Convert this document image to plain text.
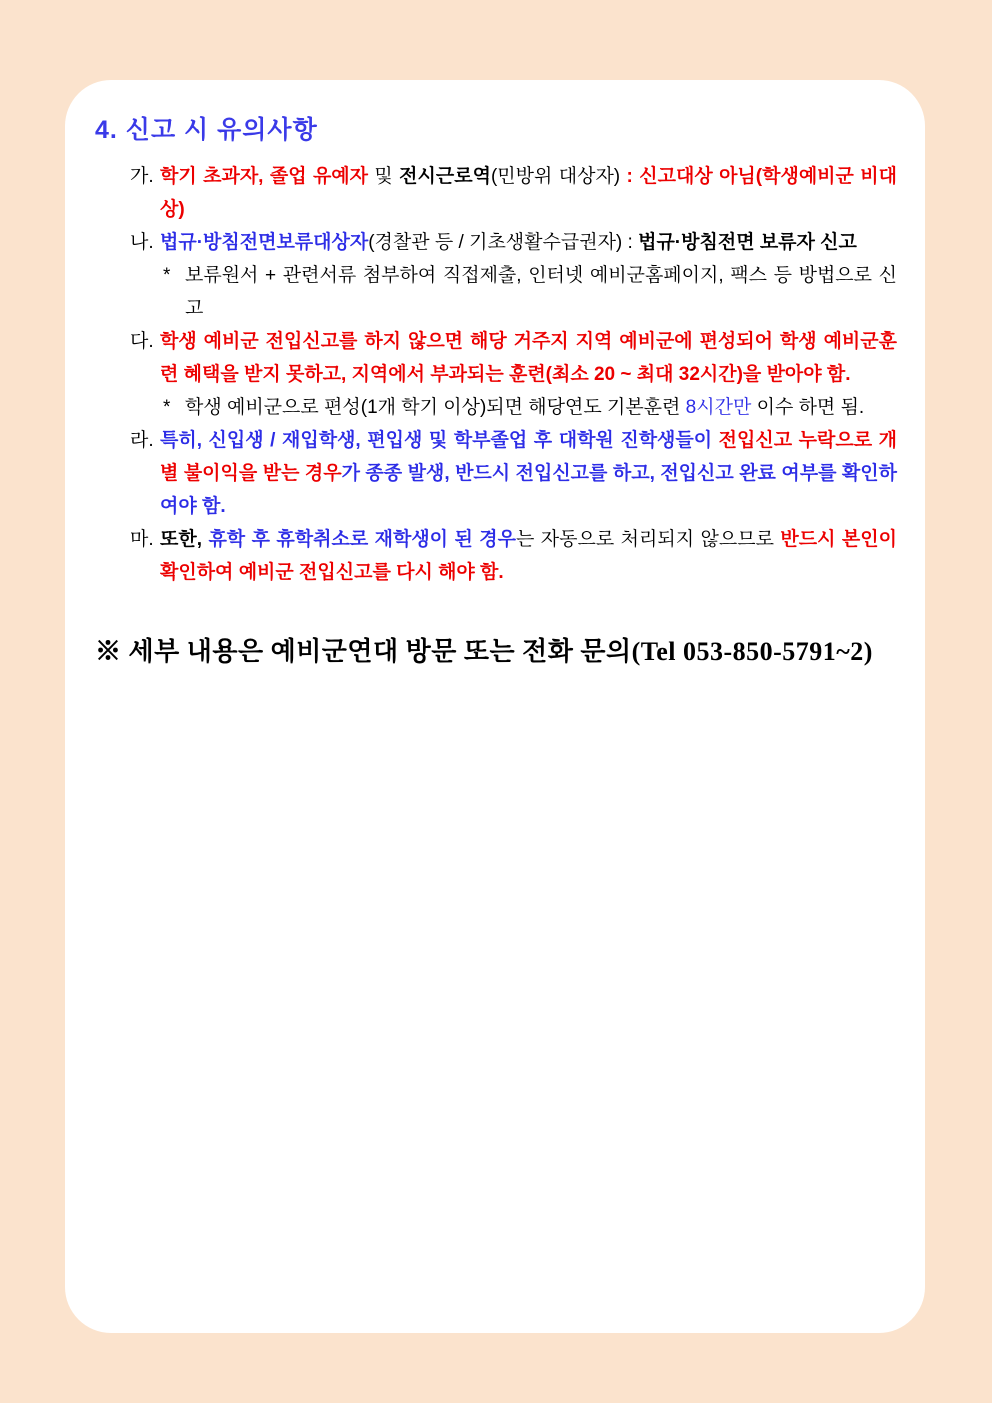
4. 신고 시 유의사항
가. 학기 초과자, 졸업 유예자 및 전시근로역(민방위 대상자) : 신고대상 아님(학생예비군 비대상)
나. 법규·방침전면보류대상자(경찰관 등 / 기초생활수급권자) : 법규·방침전면 보류자 신고
* 보류원서 + 관련서류 첨부하여 직접제출, 인터넷 예비군홈페이지, 팩스 등 방법으로 신고
다. 학생 예비군 전입신고를 하지 않으면 해당 거주지 지역 예비군에 편성되어 학생 예비군훈련 혜택을 받지 못하고, 지역에서 부과되는 훈련(최소 20 ~ 최대 32시간)을 받아야 함.
* 학생 예비군으로 편성(1개 학기 이상)되면 해당연도 기본훈련 8시간만 이수 하면 됨.
라. 특히, 신입생 / 재입학생, 편입생 및 학부졸업 후 대학원 진학생들이 전입신고 누락으로 개별 불이익을 받는 경우가 종종 발생, 반드시 전입신고를 하고, 전입신고 완료 여부를 확인하여야 함.
마. 또한, 휴학 후 휴학취소로 재학생이 된 경우는 자동으로 처리되지 않으므로 반드시 본인이 확인하여 예비군 전입신고를 다시 해야 함.

※ 세부 내용은 예비군연대 방문 또는 전화 문의(Tel 053-850-5791~2)
